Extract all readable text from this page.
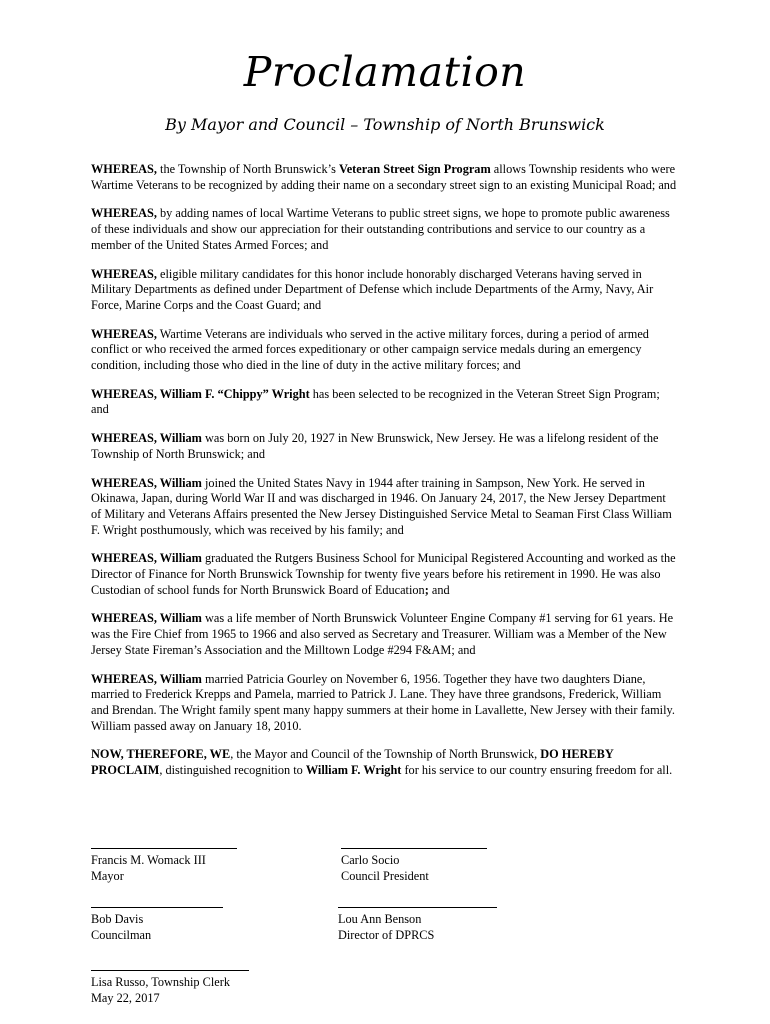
Proclamation
By Mayor and Council – Township of North Brunswick

WHEREAS, the Township of North Brunswick’s Veteran Street Sign Program allows Township residents who were Wartime Veterans to be recognized by adding their name on a secondary street sign to an existing Municipal Road; and

WHEREAS, by adding names of local Wartime Veterans to public street signs, we hope to promote public awareness of these individuals and show our appreciation for their outstanding contributions and service to our country as a member of the United States Armed Forces; and

WHEREAS, eligible military candidates for this honor include honorably discharged Veterans having served in Military Departments as defined under Department of Defense which include Departments of the Army, Navy, Air Force, Marine Corps and the Coast Guard; and

WHEREAS, Wartime Veterans are individuals who served in the active military forces, during a period of armed conflict or who received the armed forces expeditionary or other campaign service medals during an emergency condition, including those who died in the line of duty in the active military forces; and

WHEREAS, William F. “Chippy” Wright has been selected to be recognized in the Veteran Street Sign Program; and

WHEREAS, William was born on July 20, 1927 in New Brunswick, New Jersey. He was a lifelong resident of the Township of North Brunswick; and

WHEREAS, William joined the United States Navy in 1944 after training in Sampson, New York. He served in Okinawa, Japan, during World War II and was discharged in 1946. On January 24, 2017, the New Jersey Department of Military and Veterans Affairs presented the New Jersey Distinguished Service Metal to Seaman First Class William F. Wright posthumously, which was received by his family; and

WHEREAS, William graduated the Rutgers Business School for Municipal Registered Accounting and worked as the Director of Finance for North Brunswick Township for twenty five years before his retirement in 1990. He was also Custodian of school funds for North Brunswick Board of Education; and

WHEREAS, William was a life member of North Brunswick Volunteer Engine Company #1 serving for 61 years. He was the Fire Chief from 1965 to 1966 and also served as Secretary and Treasurer. William was a Member of the New Jersey State Fireman’s Association and the Milltown Lodge #294 F&AM; and

WHEREAS, William married Patricia Gourley on November 6, 1956. Together they have two daughters Diane, married to Frederick Krepps and Pamela, married to Patrick J. Lane. They have three grandsons, Frederick, William and Brendan. The Wright family spent many happy summers at their home in Lavallette, New Jersey with their family. William passed away on January 18, 2010.

NOW, THEREFORE, WE, the Mayor and Council of the Township of North Brunswick, DO HEREBY PROCLAIM, distinguished recognition to William F. Wright for his service to our country ensuring freedom for all.

Francis M. Womack III
Mayor
Carlo Socio
Council President
Bob Davis
Councilman
Lou Ann Benson
Director of DPRCS
Lisa Russo, Township Clerk
May 22, 2017
